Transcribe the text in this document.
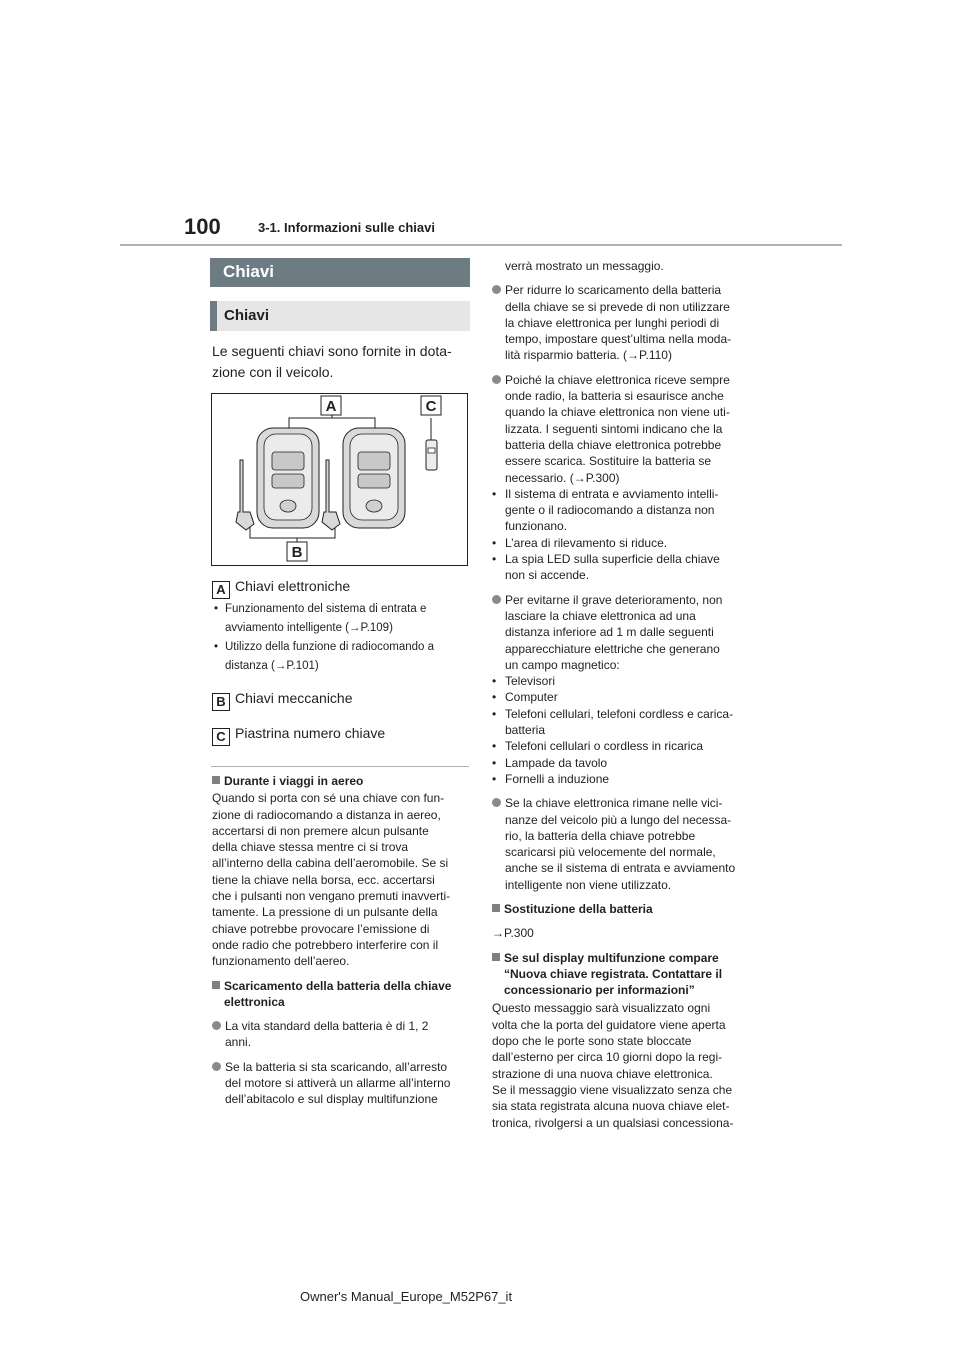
100	3-1. Informazioni sulle chiavi
Chiavi
Chiavi
Le seguenti chiavi sono fornite in dota-
zione con il veicolo.
A	C
B
A Chiavi elettroniche
• Funzionamento del sistema di entrata e
avviamento intelligente (→P.109)
• Utilizzo della funzione di radiocomando a
distanza (→P.101)
B Chiavi meccaniche
C Piastrina numero chiave

Durante i viaggi in aereo

Quando si porta con sé una chiave con fun-

zione di radiocomando a distanza in aereo,

accertarsi di non premere alcun pulsante

della chiave stessa mentre ci si trova

all’interno della cabina dell’aeromobile. Se si

tiene la chiave nella borsa, ecc. accertarsi

che i pulsanti non vengano premuti inavverti-

tamente. La pressione di un pulsante della

chiave potrebbe provocare l’emissione di

onde radio che potrebbero interferire con il

funzionamento dell’aereo.

Scaricamento della batteria della chiave
elettronica
La vita standard della batteria è di 1, 2
anni.
Se la batteria si sta scaricando, all’arresto
del motore si attiverà un allarme all’interno
dell’abitacolo e sul display multifunzione

verrà mostrato un messaggio.

Per ridurre lo scaricamento della batteria
della chiave se si prevede di non utilizzare
la chiave elettronica per lunghi periodi di
tempo, impostare quest’ultima nella moda-
lità risparmio batteria. (→P.110)
Poiché la chiave elettronica riceve sempre
onde radio, la batteria si esaurisce anche
quando la chiave elettronica non viene uti-
lizzata. I seguenti sintomi indicano che la
batteria della chiave elettronica potrebbe
essere scarica. Sostituire la batteria se
necessario. (→P.300)
• Il sistema di entrata e avviamento intelli-
gente o il radiocomando a distanza non
funzionano.
• L’area di rilevamento si riduce.
• La spia LED sulla superficie della chiave
non si accende.
Per evitarne il grave deterioramento, non
lasciare la chiave elettronica ad una
distanza inferiore ad 1 m dalle seguenti
apparecchiature elettriche che generano
un campo magnetico:
• Televisori
• Computer
• Telefoni cellulari, telefoni cordless e carica-
batteria
• Telefoni cellulari o cordless in ricarica
• Lampade da tavolo
• Fornelli a induzione
Se la chiave elettronica rimane nelle vici-
nanze del veicolo più a lungo del necessa-
rio, la batteria della chiave potrebbe
scaricarsi più velocemente del normale,
anche se il sistema di entrata e avviamento
intelligente non viene utilizzato.

Sostituzione della batteria

→P.300

Se sul display multifunzione compare
“Nuova chiave registrata. Contattare il
concessionario per informazioni”

Questo messaggio sarà visualizzato ogni

volta che la porta del guidatore viene aperta

dopo che le porte sono state bloccate

dall’esterno per circa 10 giorni dopo la regi-

strazione di una nuova chiave elettronica.

Se il messaggio viene visualizzato senza che

sia stata registrata alcuna nuova chiave elet-

tronica, rivolgersi a un qualsiasi concessiona-

Owner's Manual_Europe_M52P67_it
